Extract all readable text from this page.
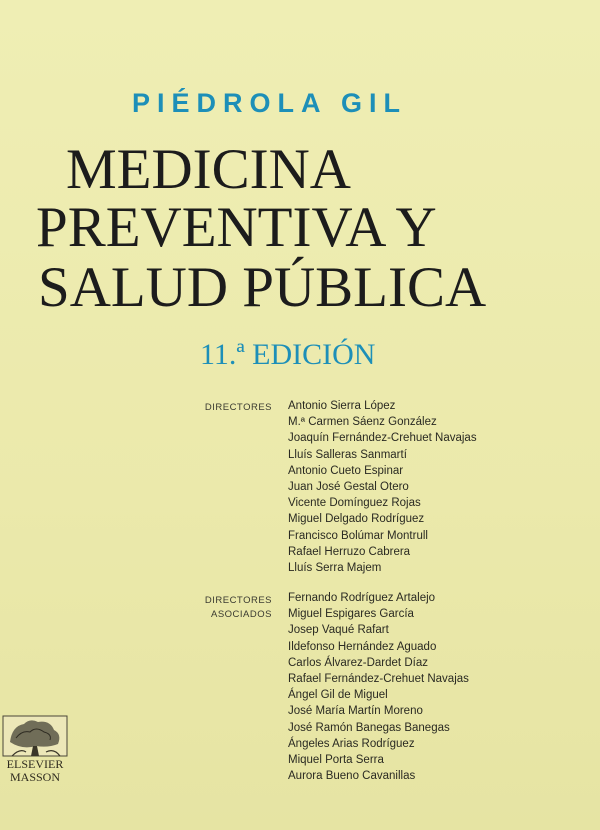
PIÉDROLA GIL
MEDICINA
PREVENTIVA Y
SALUD PÚBLICA
11.ª EDICIÓN
DIRECTORES Antonio Sierra López
M.ª Carmen Sáenz González
Joaquín Fernández-Crehuet Navajas
Lluís Salleras Sanmartí
Antonio Cueto Espinar
Juan José Gestal Otero
Vicente Domínguez Rojas
Miguel Delgado Rodríguez
Francisco Bolúmar Montrull
Rafael Herruzo Cabrera
Lluís Serra Majem
DIRECTORES
ASOCIADOS
Fernando Rodríguez Artalejo
Miguel Espigares García
Josep Vaqué Rafart
Ildefonso Hernández Aguado
Carlos Álvarez-Dardet Díaz
Rafael Fernández-Crehuet Navajas
Ángel Gil de Miguel
José María Martín Moreno
José Ramón Banegas Banegas
Ángeles Arias Rodríguez
Miquel Porta Serra
Aurora Bueno Cavanillas
ELSEVIER
MASSON
